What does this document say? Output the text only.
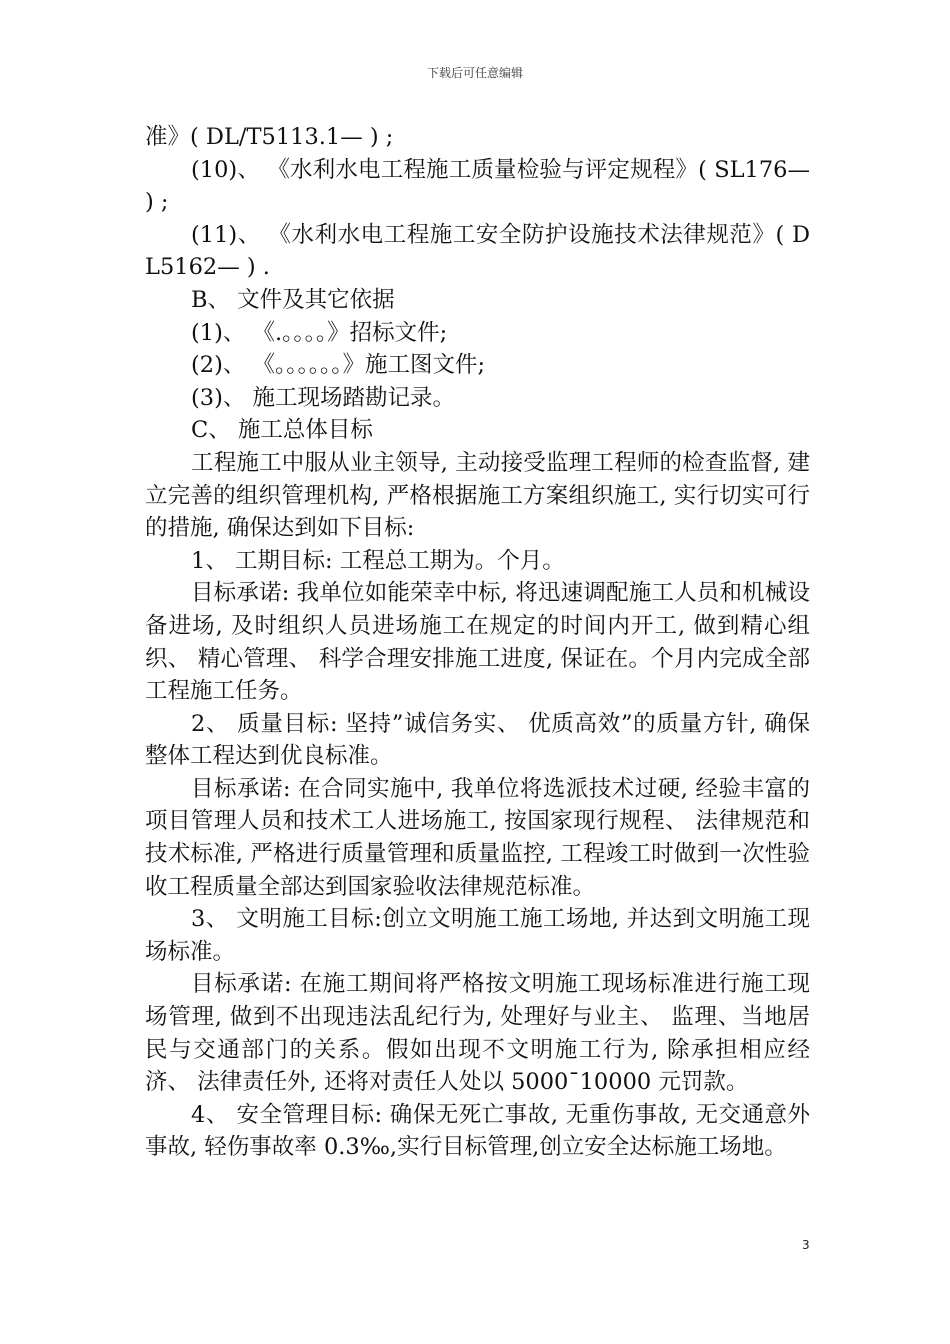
下载后可任意编辑

准》( DL/T5113.1— ) ;

(10)、 《水利水电工程施工质量检验与评定规程》( SL176— ) ;

(11)、 《水利水电工程施工安全防护设施技术法律规范》( DL5162— ) .

B、 文件及其它依据

(1)、 《.。。。。》招标文件;

(2)、 《。。。。。。》施工图文件;

(3)、 施工现场踏勘记录。

C、 施工总体目标

工程施工中服从业主领导, 主动接受监理工程师的检查监督, 建立完善的组织管理机构, 严格根据施工方案组织施工, 实行切实可行的措施, 确保达到如下目标:

1、 工期目标: 工程总工期为。个月。

目标承诺: 我单位如能荣幸中标, 将迅速调配施工人员和机械设备进场, 及时组织人员进场施工在规定的时间内开工, 做到精心组织、 精心管理、 科学合理安排施工进度, 保证在。个月内完成全部工程施工任务。

2、 质量目标: 坚持”诚信务实、 优质高效”的质量方针, 确保整体工程达到优良标准。

目标承诺: 在合同实施中, 我单位将选派技术过硬, 经验丰富的项目管理人员和技术工人进场施工, 按国家现行规程、 法律规范和技术标准, 严格进行质量管理和质量监控, 工程竣工时做到一次性验收工程质量全部达到国家验收法律规范标准。

3、 文明施工目标:创立文明施工施工场地, 并达到文明施工现场标准。

目标承诺: 在施工期间将严格按文明施工现场标准进行施工现场管理, 做到不出现违法乱纪行为, 处理好与业主、 监理、当地居民与交通部门的关系。假如出现不文明施工行为, 除承担相应经济、 法律责任外, 还将对责任人处以 5000¯10000 元罚款。

4、 安全管理目标: 确保无死亡事故, 无重伤事故, 无交通意外事故, 轻伤事故率 0.3‰,实行目标管理,创立安全达标施工场地。

3
